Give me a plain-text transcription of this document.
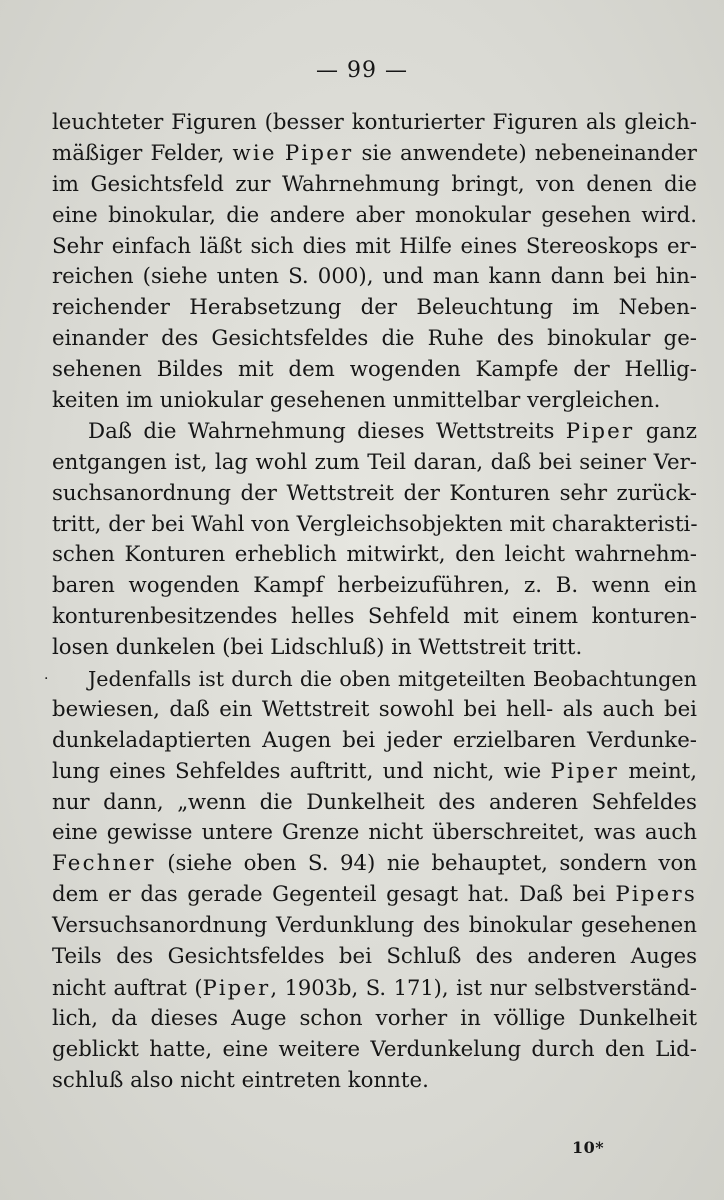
— 99 —
leuchteter Figuren (besser konturierter Figuren als gleich-
mäßiger Felder, wie Piper sie anwendete) nebeneinander
im Gesichtsfeld zur Wahrnehmung bringt, von denen die
eine binokular, die andere aber monokular gesehen wird.
Sehr einfach läßt sich dies mit Hilfe eines Stereoskops er-
reichen (siehe unten S. 000), und man kann dann bei hin-
reichender Herabsetzung der Beleuchtung im Neben-
einander des Gesichtsfeldes die Ruhe des binokular ge-
sehenen Bildes mit dem wogenden Kampfe der Hellig-
keiten im uniokular gesehenen unmittelbar vergleichen.
Daß die Wahrnehmung dieses Wettstreits Piper ganz
entgangen ist, lag wohl zum Teil daran, daß bei seiner Ver-
suchsanordnung der Wettstreit der Konturen sehr zurück-
tritt, der bei Wahl von Vergleichsobjekten mit charakteristi-
schen Konturen erheblich mitwirkt, den leicht wahrnehm-
baren wogenden Kampf herbeizuführen, z. B. wenn ein
konturenbesitzendes helles Sehfeld mit einem konturen-
losen dunkelen (bei Lidschluß) in Wettstreit tritt.
· Jedenfalls ist durch die oben mitgeteilten Beobachtungen
bewiesen, daß ein Wettstreit sowohl bei hell- als auch bei
dunkeladaptierten Augen bei jeder erzielbaren Verdunke-
lung eines Sehfeldes auftritt, und nicht, wie Piper meint,
nur dann, „wenn die Dunkelheit des anderen Sehfeldes
eine gewisse untere Grenze nicht überschreitet, was auch
Fechner (siehe oben S. 94) nie behauptet, sondern von
dem er das gerade Gegenteil gesagt hat. Daß bei Pipers
Versuchsanordnung Verdunklung des binokular gesehenen
Teils des Gesichtsfeldes bei Schluß des anderen Auges
nicht auftrat (Piper, 1903b, S. 171), ist nur selbstverständ-
lich, da dieses Auge schon vorher in völlige Dunkelheit
geblickt hatte, eine weitere Verdunkelung durch den Lid-
schluß also nicht eintreten konnte.
10*
